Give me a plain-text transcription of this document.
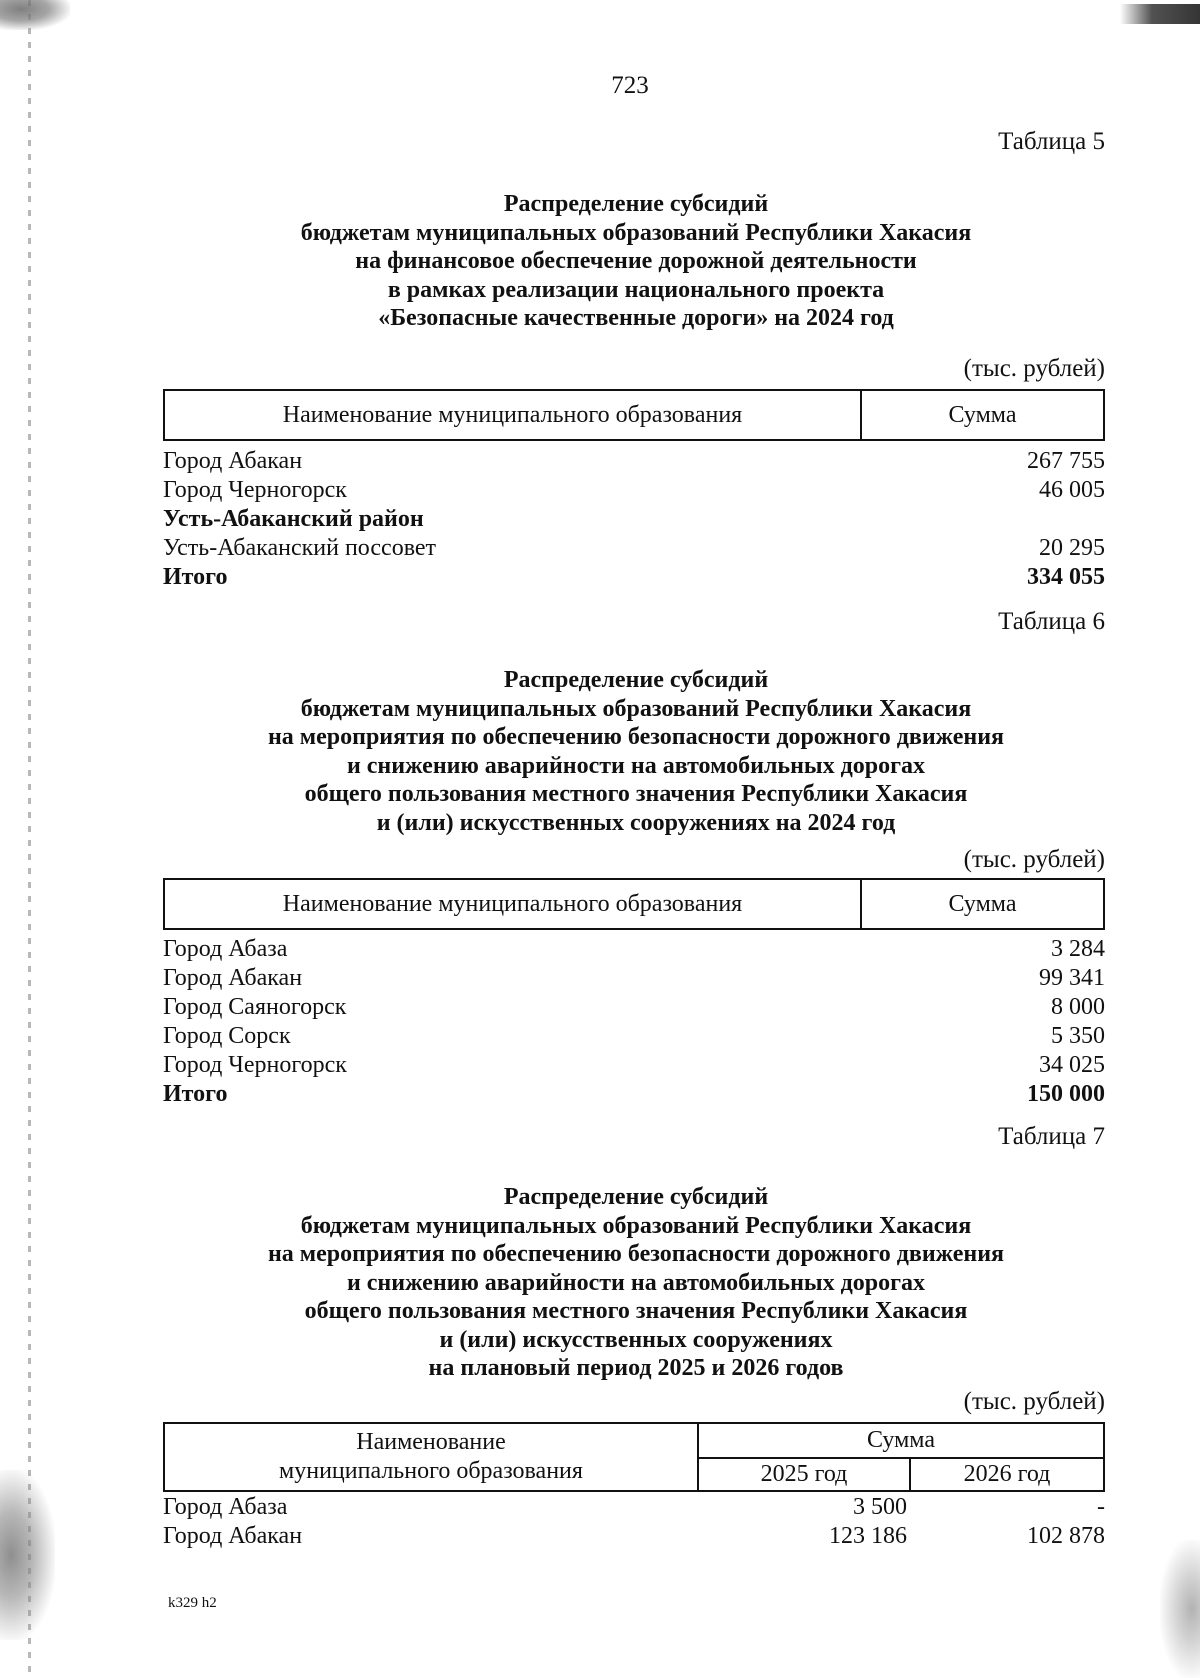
723
Таблица 5
Распределение субсидий
бюджетам муниципальных образований Республики Хакасия
на финансовое обеспечение дорожной деятельности
в рамках реализации национального проекта
«Безопасные качественные дороги» на 2024 год
(тыс. рублей)
Наименование муниципального образования	Сумма
Город Абакан	267 755
Город Черногорск	46 005
Усть-Абаканский район
Усть-Абаканский поссовет	20 295
Итого	334 055
Таблица 6
Распределение субсидий
бюджетам муниципальных образований Республики Хакасия
на мероприятия по обеспечению безопасности дорожного движения
и снижению аварийности на автомобильных дорогах
общего пользования местного значения Республики Хакасия
и (или) искусственных сооружениях на 2024 год
(тыс. рублей)
Наименование муниципального образования	Сумма
Город Абаза	3 284
Город Абакан	99 341
Город Саяногорск	8 000
Город Сорск	5 350
Город Черногорск	34 025
Итого	150 000
Таблица 7
Распределение субсидий
бюджетам муниципальных образований Республики Хакасия
на мероприятия по обеспечению безопасности дорожного движения
и снижению аварийности на автомобильных дорогах
общего пользования местного значения Республики Хакасия
и (или) искусственных сооружениях
на плановый период 2025 и 2026 годов
(тыс. рублей)
Наименование
муниципального образования
Сумма
2025 год	2026 год
Город Абаза	3 500	-
Город Абакан	123 186	102 878
k329 h2
